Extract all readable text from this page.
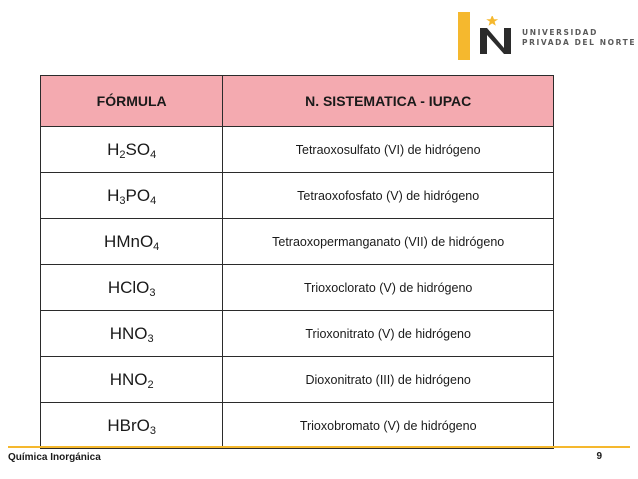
UNIVERSIDAD
PRIVADA DEL NORTE
FÓRMULA	N. SISTEMATICA - IUPAC
$H_2SO_4$	Tetraoxosulfato (VI) de hidrógeno
$H_3PO_4$	Tetraoxofosfato (V) de hidrógeno
HMnO$_4$	Tetraoxopermanganato (VII) de hidrógeno
HClO$_3$	Trioxoclorato (V) de hidrógeno
$HNO_3$	Trioxonitrato (V) de hidrógeno
$HNO_2$	Dioxonitrato (III) de hidrógeno
HBrO$_3$	Trioxobromato (V) de hidrógeno
Química Inorgánica	9
